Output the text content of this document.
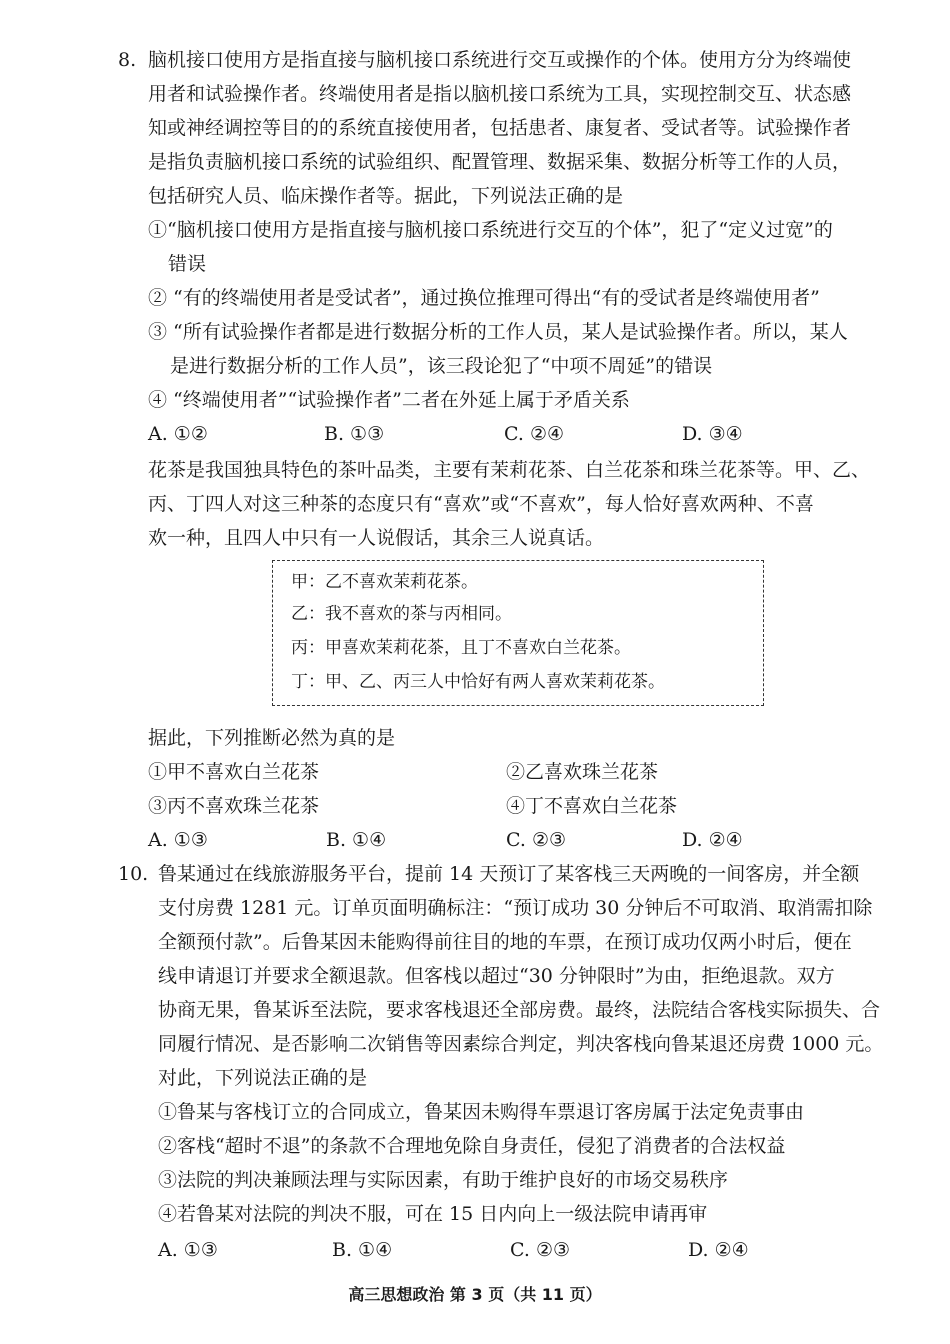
8. 脑机接口使用方是指直接与脑机接口系统进行交互或操作的个体。使用方分为终端使
用者和试验操作者。终端使用者是指以脑机接口系统为工具，实现控制交互、状态感
知或神经调控等目的的系统直接使用者，包括患者、康复者、受试者等。试验操作者
是指负责脑机接口系统的试验组织、配置管理、数据采集、数据分析等工作的人员，
包括研究人员、临床操作者等。据此，下列说法正确的是
①“脑机接口使用方是指直接与脑机接口系统进行交互的个体”，犯了“定义过宽”的
错误
② “有的终端使用者是受试者”，通过换位推理可得出“有的受试者是终端使用者”
③ “所有试验操作者都是进行数据分析的工作人员，某人是试验操作者。所以，某人
是进行数据分析的工作人员”，该三段论犯了“中项不周延”的错误
④ “终端使用者”“试验操作者”二者在外延上属于矛盾关系
A. ①②	B. ①③	C. ②④	D. ③④
花茶是我国独具特色的茶叶品类，主要有茉莉花茶、白兰花茶和珠兰花茶等。甲、乙、
丙、丁四人对这三种茶的态度只有“喜欢”或“不喜欢”，每人恰好喜欢两种、不喜
欢一种，且四人中只有一人说假话，其余三人说真话。
甲：乙不喜欢茉莉花茶。
乙：我不喜欢的茶与丙相同。
丙：甲喜欢茉莉花茶，且丁不喜欢白兰花茶。
丁：甲、乙、丙三人中恰好有两人喜欢茉莉花茶。
据此，下列推断必然为真的是
①甲不喜欢白兰花茶	②乙喜欢珠兰花茶
③丙不喜欢珠兰花茶	④丁不喜欢白兰花茶
A. ①③	B. ①④	C. ②③	D. ②④
10. 鲁某通过在线旅游服务平台，提前 14 天预订了某客栈三天两晚的一间客房，并全额
支付房费 1281 元。订单页面明确标注：“预订成功 30 分钟后不可取消、取消需扣除
全额预付款”。后鲁某因未能购得前往目的地的车票，在预订成功仅两小时后，便在
线申请退订并要求全额退款。但客栈以超过“30 分钟限时”为由，拒绝退款。双方
协商无果，鲁某诉至法院，要求客栈退还全部房费。最终，法院结合客栈实际损失、合
同履行情况、是否影响二次销售等因素综合判定，判决客栈向鲁某退还房费 1000 元。
对此，下列说法正确的是
①鲁某与客栈订立的合同成立，鲁某因未购得车票退订客房属于法定免责事由
②客栈“超时不退”的条款不合理地免除自身责任，侵犯了消费者的合法权益
③法院的判决兼顾法理与实际因素，有助于维护良好的市场交易秩序
④若鲁某对法院的判决不服，可在 15 日内向上一级法院申请再审
A. ①③	B. ①④	C. ②③	D. ②④
高三思想政治 第 3 页（共 11 页）
